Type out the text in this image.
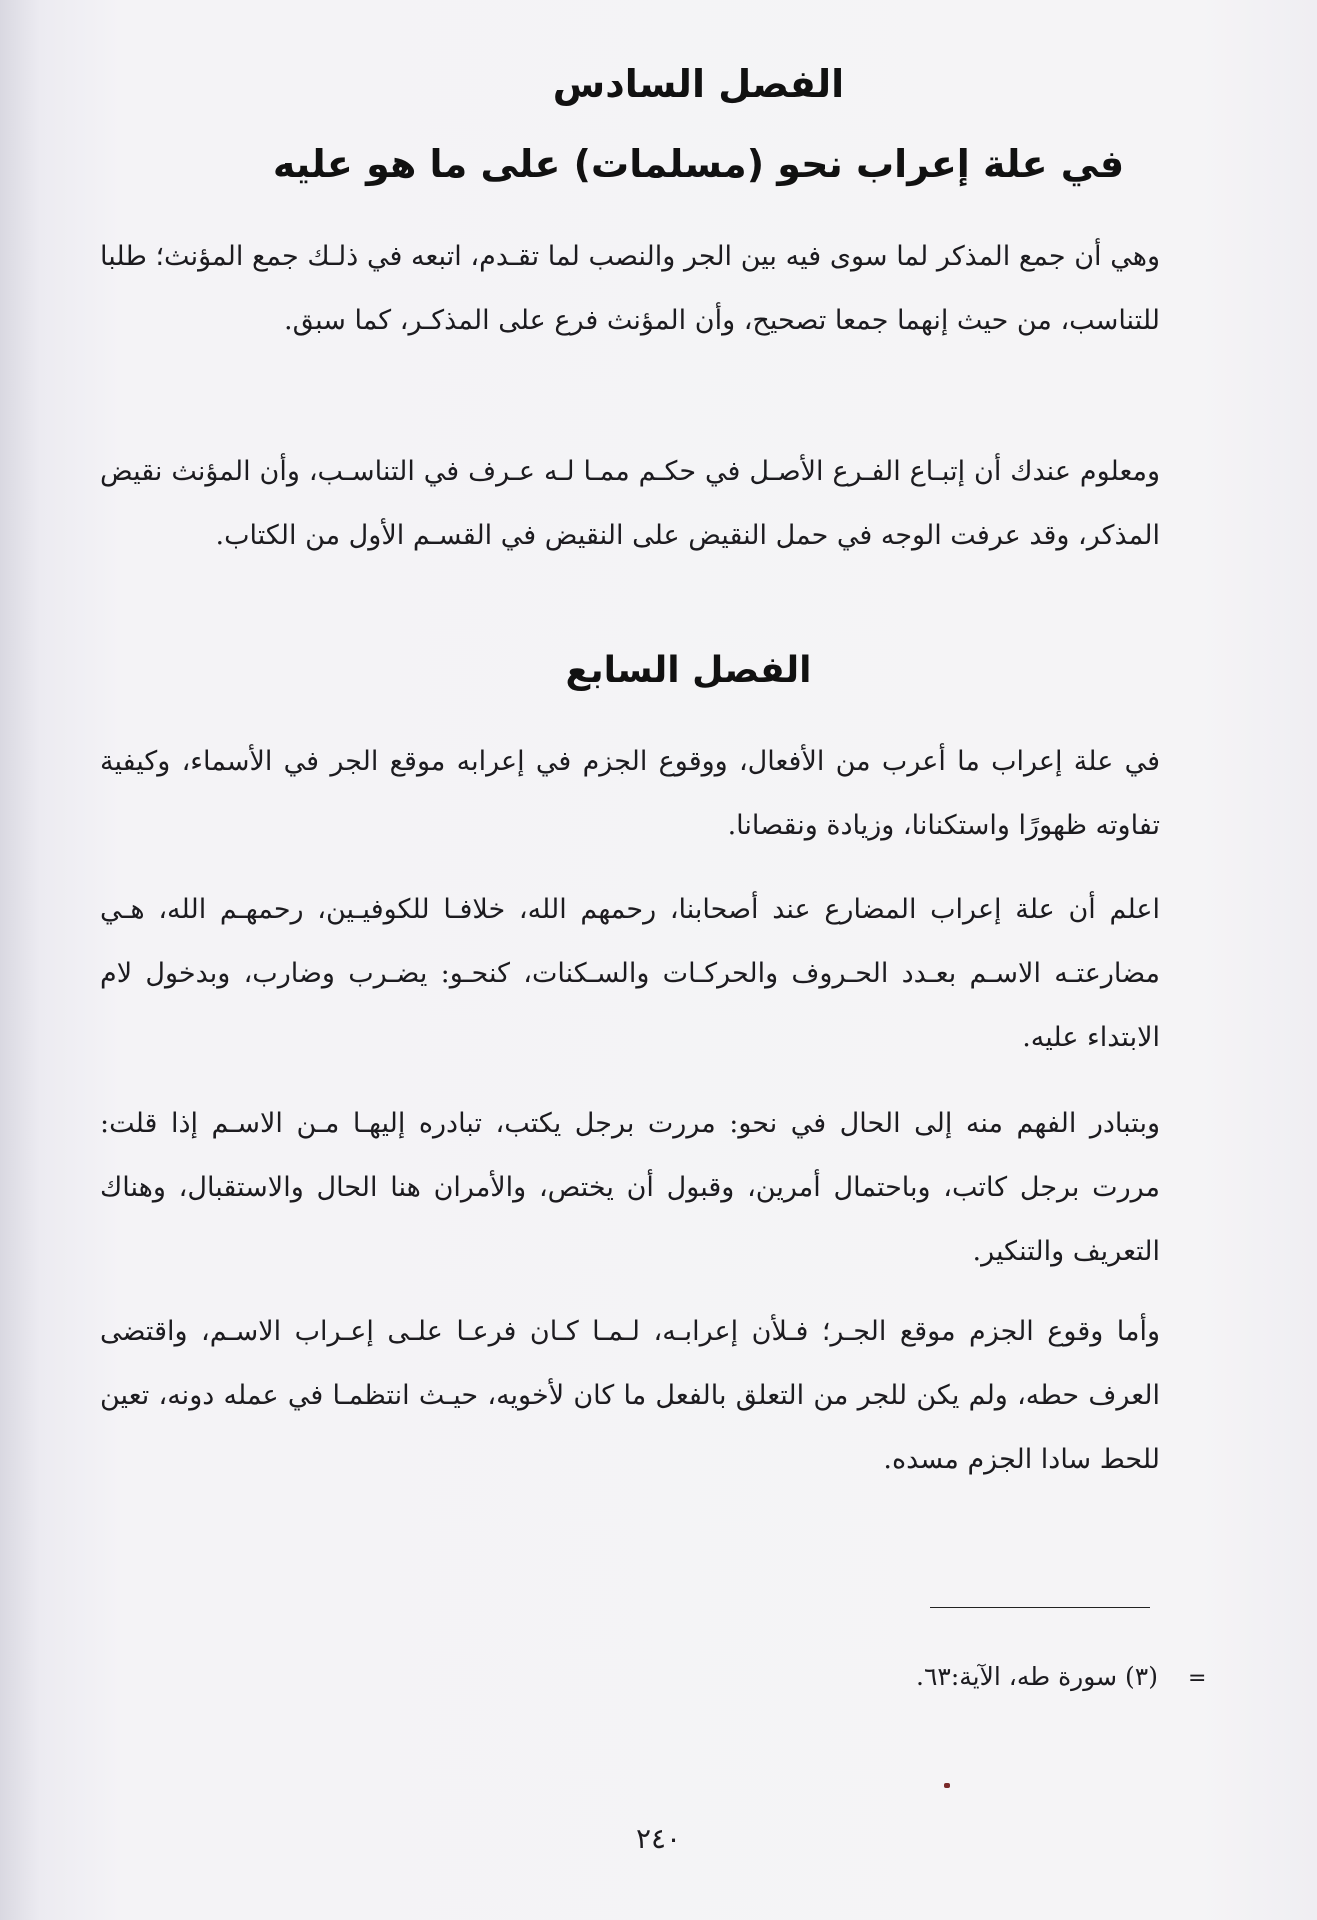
الفصل السادس
في علة إعراب نحو (مسلمات) على ما هو عليه
وهي أن جمع المذكر لما سوى فيه بين الجر والنصب لما تقـدم، اتبعه في ذلـك جمع المؤنث؛ طلبا للتناسب، من حيث إنهما جمعا تصحيح، وأن المؤنث فرع على المذكـر، كما سبق.
ومعلوم عندك أن إتبـاع الفـرع الأصـل في حكـم ممـا لـه عـرف في التناسـب، وأن المؤنث نقيض المذكر، وقد عرفت الوجه في حمل النقيض على النقيض في القسـم الأول من الكتاب.
الفصل السابع
في علة إعراب ما أعرب من الأفعال، ووقوع الجزم في إعرابه موقع الجر في الأسماء، وكيفية تفاوته ظهورًا واستكنانا، وزيادة ونقصانا.
اعلم أن علة إعراب المضارع عند أصحابنا، رحمهم الله، خلافـا للكوفيـين، رحمهـم الله، هـي مضارعتـه الاسـم بعـدد الحـروف والحركـات والسـكنات، كنحـو: يضـرب وضارب، وبدخول لام الابتداء عليه.
وبتبادر الفهم منه إلى الحال في نحو: مررت برجل يكتب، تبادره إليهـا مـن الاسـم إذا قلت: مررت برجل كاتب، وباحتمال أمرين، وقبول أن يختص، والأمران هنا الحال والاستقبال، وهناك التعريف والتنكير.
وأما وقوع الجزم موقع الجـر؛ فـلأن إعرابـه، لـمـا كـان فرعـا علـى إعـراب الاسـم، واقتضى العرف حطه، ولم يكن للجر من التعلق بالفعل ما كان لأخويه، حيـث انتظمـا في عمله دونه، تعين للحط سادا الجزم مسده.
=
(٣) سورة طه، الآية:٦٣.
٢٤٠
